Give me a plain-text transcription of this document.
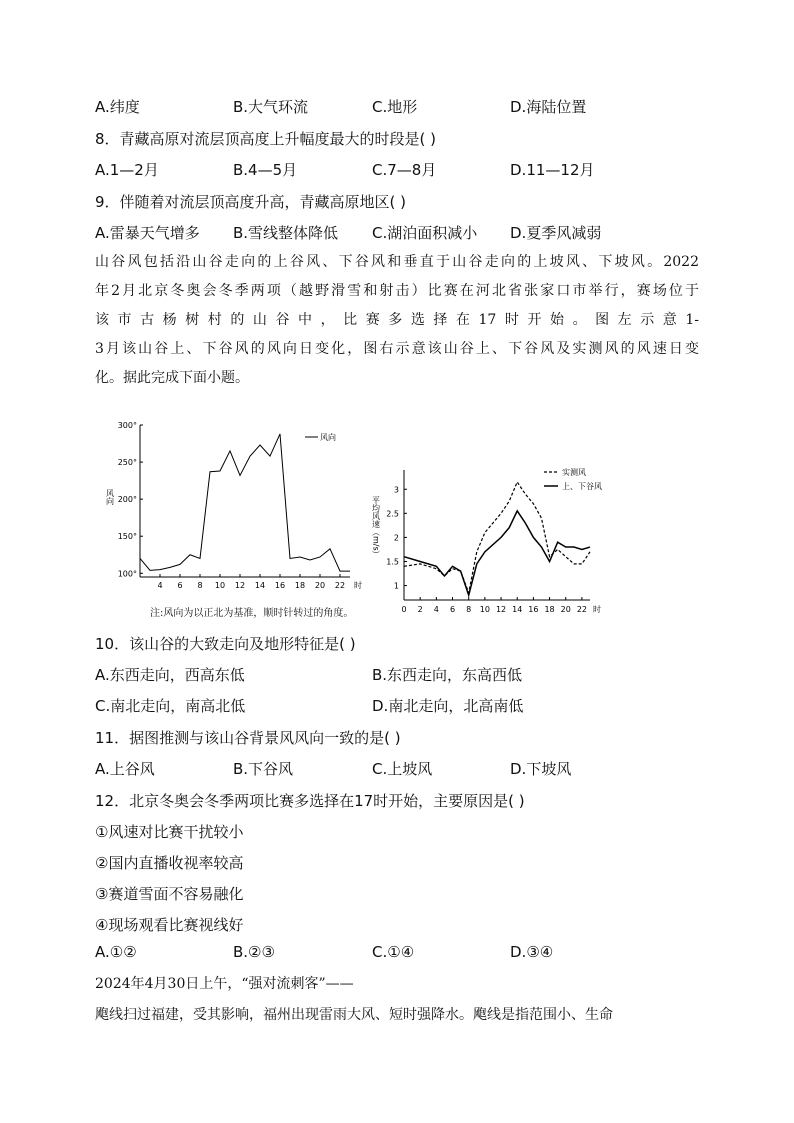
A.纬度	B.大气环流	C.地形	D.海陆位置
8．青藏高原对流层顶高度上升幅度最大的时段是( )
A.1—2月	B.4—5月	C.7—8月	D.11—12月
9．伴随着对流层顶高度升高，青藏高原地区( )
A.雷暴天气增多 B.雪线整体降低 C.湖泊面积减小 D.夏季风减弱
山谷风包括沿山谷走向的上谷风、下谷风和垂直于山谷走向的上坡风、下坡风。2022
年2月北京冬奥会冬季两项（越野滑雪和射击）比赛在河北省张家口市举行，赛场位于
该市古杨树村的山谷中，比赛多选择在17时开始。图左示意1-
3月该山谷上、下谷风的风向日变化，图右示意该山谷上、下谷风及实测风的风速日变
化。据此完成下面小题。
100°
150°
200°
250°
300°
4 6 8 10 12 14 16 18 20 22 时
风向
风向
注:风向为以正北为基准，顺时针转过的角度。
1
1.5
2
2.5
3
0 2 4 6 8 10 12 14 16 18 20 22 时
平均风速（m/s）
实测风
上、下谷风
10．该山谷的大致走向及地形特征是( )
A.东西走向，西高东低	B.东西走向，东高西低
C.南北走向，南高北低	D.南北走向，北高南低
11．据图推测与该山谷背景风风向一致的是( )
A.上谷风	B.下谷风	C.上坡风	D.下坡风
12．北京冬奥会冬季两项比赛多选择在17时开始，主要原因是( )
①风速对比赛干扰较小
②国内直播收视率较高
③赛道雪面不容易融化
④现场观看比赛视线好
A.①②	B.②③	C.①④	D.③④
2024年4月30日上午，“强对流刺客”——
飑线扫过福建，受其影响，福州出现雷雨大风、短时强降水。飑线是指范围小、生命
